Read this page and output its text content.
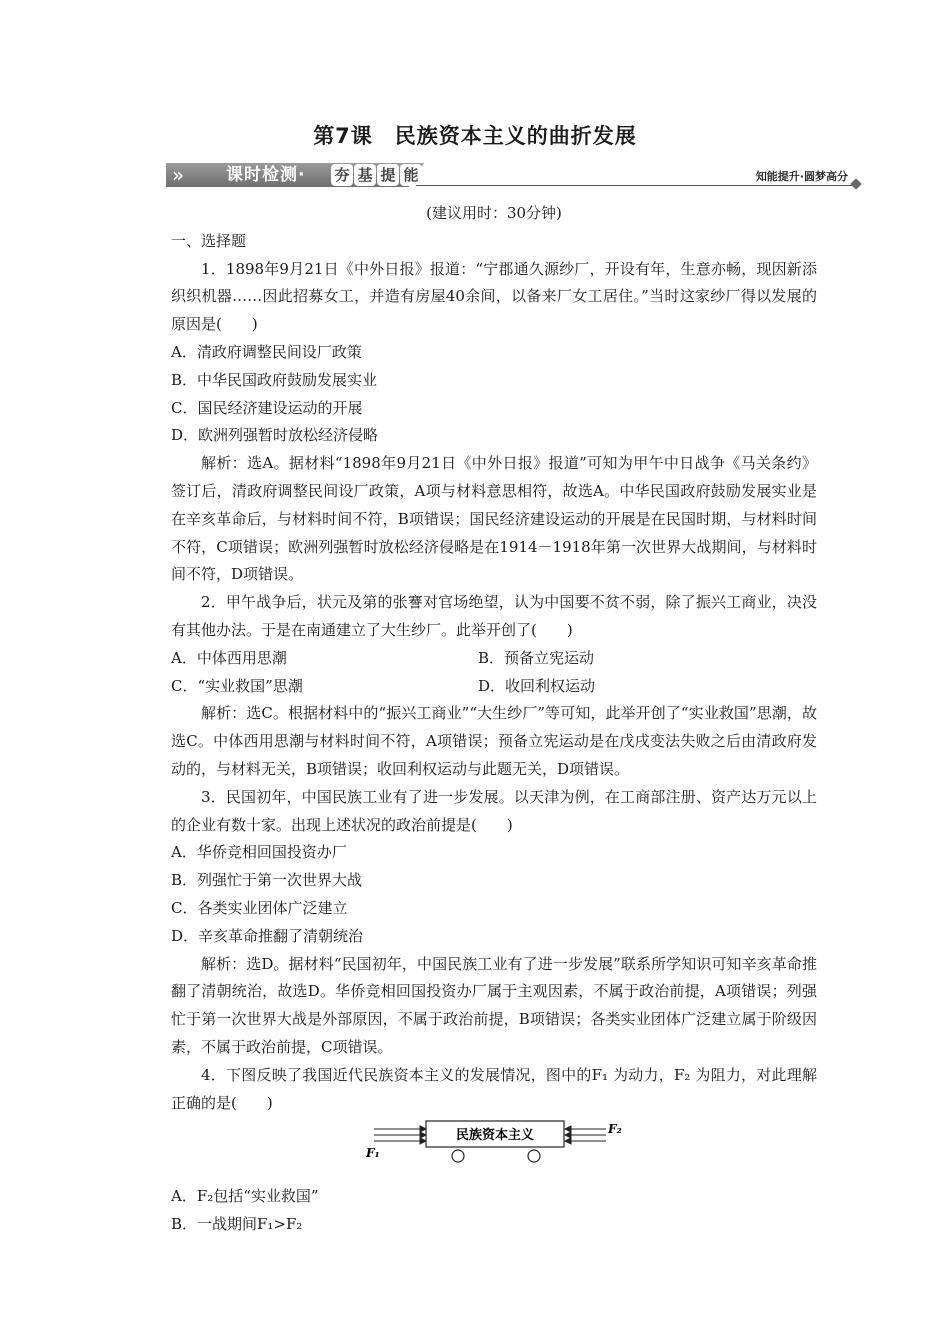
第7课　民族资本主义的曲折发展
» 课时检测· 夯 基 提 能	知能提升·圆梦高分

(建议用时：30分钟)

一、选择题

1．1898年9月21日《中外日报》报道：“宁郡通久源纱厂，开设有年，生意亦畅，现因新添织织机器……因此招募女工，并造有房屋40余间，以备来厂女工居住。”当时这家纱厂得以发展的原因是(　　)

A．清政府调整民间设厂政策

B．中华民国政府鼓励发展实业

C．国民经济建设运动的开展

D．欧洲列强暂时放松经济侵略

解析：选A。据材料“1898年9月21日《中外日报》报道”可知为甲午中日战争《马关条约》签订后，清政府调整民间设厂政策，A项与材料意思相符，故选A。中华民国政府鼓励发展实业是在辛亥革命后，与材料时间不符，B项错误；国民经济建设运动的开展是在民国时期，与材料时间不符，C项错误；欧洲列强暂时放松经济侵略是在1914－1918年第一次世界大战期间，与材料时间不符，D项错误。

2．甲午战争后，状元及第的张謇对官场绝望，认为中国要不贫不弱，除了振兴工商业，决没有其他办法。于是在南通建立了大生纱厂。此举开创了(　　)

A．中体西用思潮	B．预备立宪运动
C．“实业救国”思潮	D．收回利权运动

解析：选C。根据材料中的“振兴工商业”“大生纱厂”等可知，此举开创了“实业救国”思潮，故选C。中体西用思潮与材料时间不符，A项错误；预备立宪运动是在戊戌变法失败之后由清政府发动的，与材料无关，B项错误；收回利权运动与此题无关，D项错误。

3．民国初年，中国民族工业有了进一步发展。以天津为例，在工商部注册、资产达万元以上的企业有数十家。出现上述状况的政治前提是(　　)

A．华侨竞相回国投资办厂

B．列强忙于第一次世界大战

C．各类实业团体广泛建立

D．辛亥革命推翻了清朝统治

解析：选D。据材料“民国初年，中国民族工业有了进一步发展”联系所学知识可知辛亥革命推翻了清朝统治，故选D。华侨竞相回国投资办厂属于主观因素，不属于政治前提，A项错误；列强忙于第一次世界大战是外部原因，不属于政治前提，B项错误；各类实业团体广泛建立属于阶级因素，不属于政治前提，C项错误。

4．下图反映了我国近代民族资本主义的发展情况，图中的F₁ 为动力，F₂ 为阻力，对此理解正确的是(　　)

F₁
民族资本主义	F₂

A．F₂包括“实业救国”

B．一战期间F₁>F₂
